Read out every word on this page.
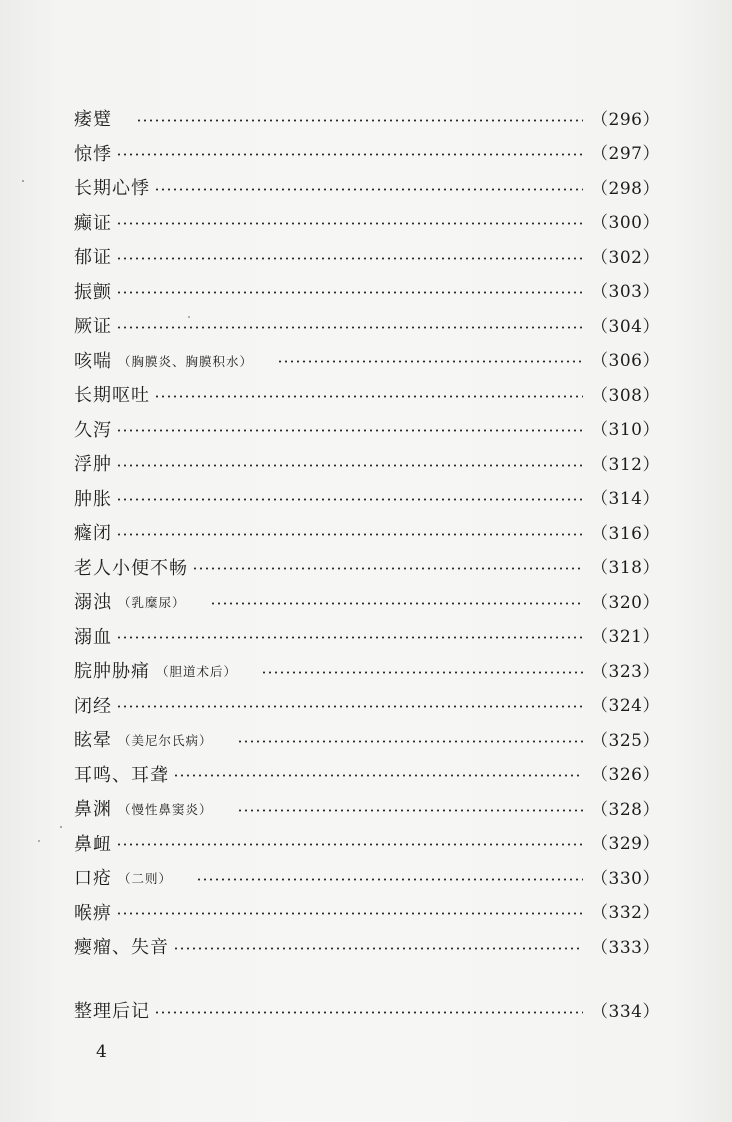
痿躄	（296）
惊悸	（297）
长期心悸	（298）
癫证	（300）
郁证	（302）
振颤	（303）
厥证	（304）
咳喘 （胸膜炎、胸膜积水）	（306）
长期呕吐	（308）
久泻	（310）
浮肿	（312）
肿胀	（314）
癃闭	（316）
老人小便不畅	（318）
溺浊 （乳糜尿）	（320）
溺血	（321）
脘肿胁痛 （胆道术后）	（323）
闭经	（324）
眩晕 （美尼尔氏病）	（325）
耳鸣、耳聋	（326）
鼻渊 （慢性鼻窦炎）	（328）
鼻衄	（329）
口疮 （二则）	（330）
喉痹	（332）
瘿瘤、失音	（333）
整理后记	（334）
4
